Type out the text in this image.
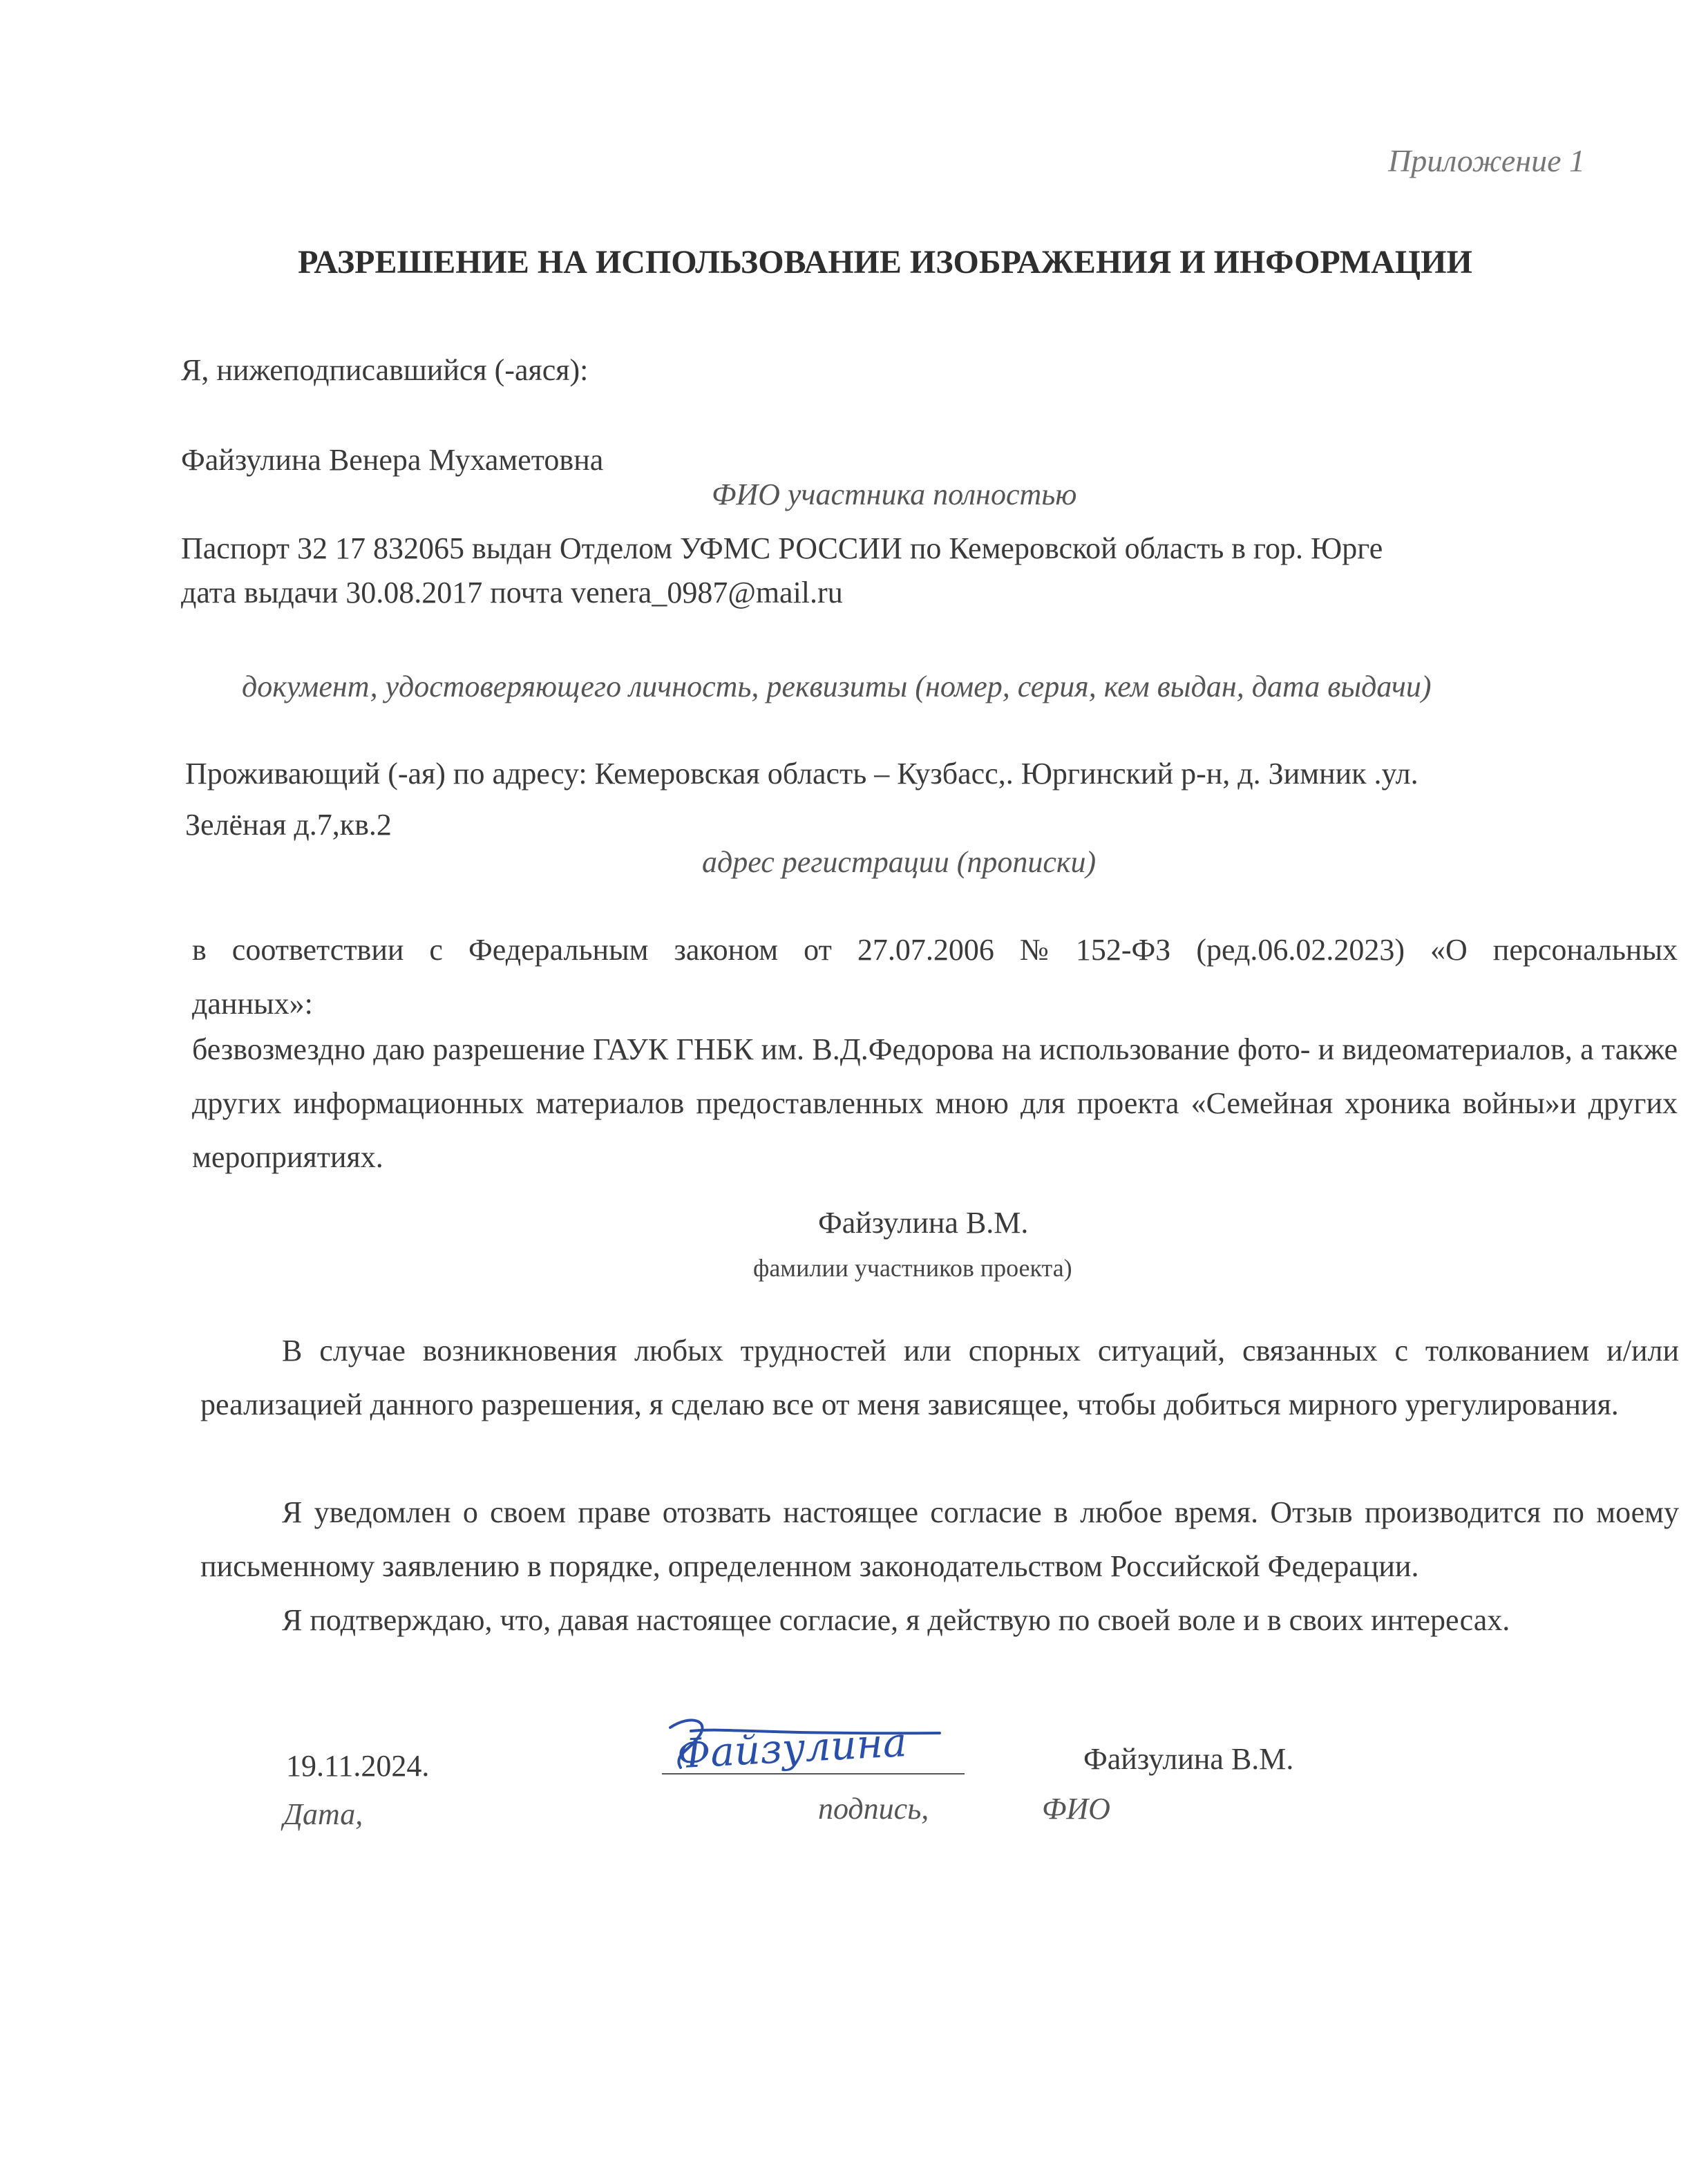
Приложение 1
РАЗРЕШЕНИЕ НА ИСПОЛЬЗОВАНИЕ ИЗОБРАЖЕНИЯ И ИНФОРМАЦИИ
Я, нижеподписавшийся (-аяся):
Файзулина Венера Мухаметовна
ФИО участника полностью
Паспорт 32 17 832065 выдан Отделом УФМС РОССИИ по Кемеровской область в гор. Юрге
дата выдачи 30.08.2017 почта venera_0987@mail.ru
документ, удостоверяющего личность, реквизиты (номер, серия, кем выдан, дата выдачи)
Проживающий (-ая) по адресу: Кемеровская область – Кузбасс,. Юргинский р-н, д. Зимник .ул.
Зелёная д.7,кв.2
адрес регистрации (прописки)
в соответствии с Федеральным законом от 27.07.2006 № 152-ФЗ (ред.06.02.2023) «О персональных данных»:
безвозмездно даю разрешение ГАУК ГНБК им. В.Д.Федорова на использование фото- и видеоматериалов, а также других информационных материалов предоставленных мною для проекта «Семейная хроника войны»и других мероприятиях.
Файзулина В.М.
фамилии участников проекта)
В случае возникновения любых трудностей или спорных ситуаций, связанных с толкованием и/или реализацией данного разрешения, я сделаю все от меня зависящее, чтобы добиться мирного урегулирования.
Я уведомлен о своем праве отозвать настоящее согласие в любое время. Отзыв производится по моему письменному заявлению в порядке, определенном законодательством Российской Федерации.
Я подтверждаю, что, давая настоящее согласие, я действую по своей воле и в своих интересах.
19.11.2024.
Дата,
Файзулина
подпись,
Файзулина В.М.
ФИО
